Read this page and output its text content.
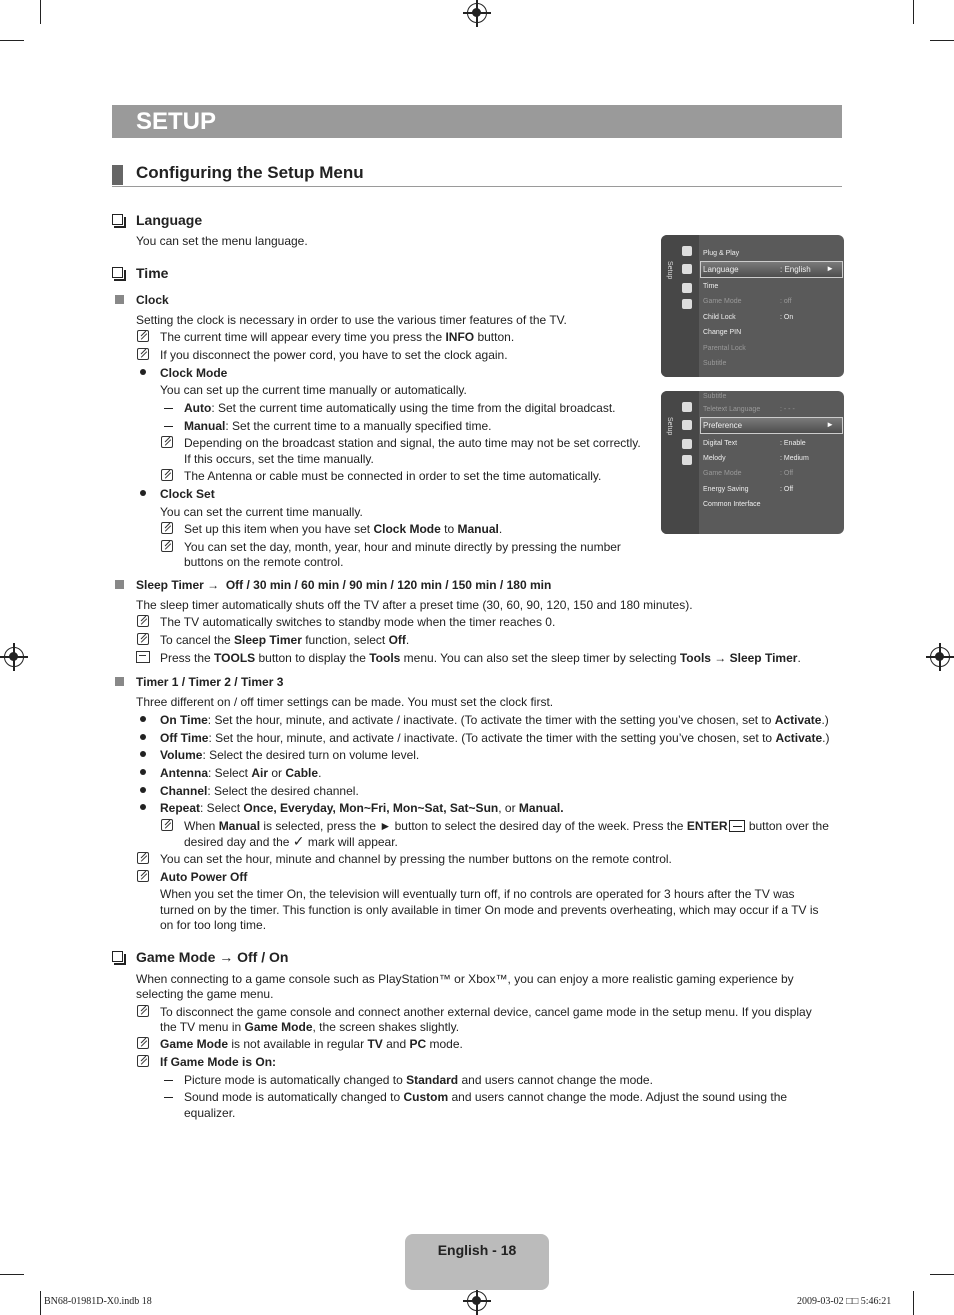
SETUP
Configuring the Setup Menu
Language
You can set the menu language.
Time
Clock
Setting the clock is necessary in order to use the various timer features of the TV.
The current time will appear every time you press the INFO button.
If you disconnect the power cord, you have to set the clock again.
Clock Mode
You can set up the current time manually or automatically.
Auto: Set the current time automatically using the time from the digital broadcast.
Manual: Set the current time to a manually specified time.
Depending on the broadcast station and signal, the auto time may not be set correctly.
If this occurs, set the time manually.
The Antenna or cable must be connected in order to set the time automatically.
Clock Set
You can set the current time manually.
Set up this item when you have set Clock Mode to Manual.
You can set the day, month, year, hour and minute directly by pressing the number
buttons on the remote control.
Sleep Timer → Off / 30 min / 60 min / 90 min / 120 min / 150 min / 180 min
The sleep timer automatically shuts off the TV after a preset time (30, 60, 90, 120, 150 and 180 minutes).
The TV automatically switches to standby mode when the timer reaches 0.
To cancel the Sleep Timer function, select Off.
Press the TOOLS button to display the Tools menu. You can also set the sleep timer by selecting Tools → Sleep Timer.
Timer 1 / Timer 2 / Timer 3
Three different on / off timer settings can be made. You must set the clock first.
On Time: Set the hour, minute, and activate / inactivate. (To activate the timer with the setting you’ve chosen, set to Activate.)
Off Time: Set the hour, minute, and activate / inactivate. (To activate the timer with the setting you’ve chosen, set to Activate.)
Volume: Select the desired turn on volume level.
Antenna: Select Air or Cable.
Channel: Select the desired channel.
Repeat: Select Once, Everyday, Mon~Fri, Mon~Sat, Sat~Sun, or Manual.
When Manual is selected, press the ► button to select the desired day of the week. Press the ENTER button over the
desired day and the ✓ mark will appear.
You can set the hour, minute and channel by pressing the number buttons on the remote control.
Auto Power Off
When you set the timer On, the television will eventually turn off, if no controls are operated for 3 hours after the TV was
turned on by the timer. This function is only available in timer On mode and prevents overheating, which may occur if a TV is
on for too long time.
Game Mode → Off / On
When connecting to a game console such as PlayStation™ or Xbox™, you can enjoy a more realistic gaming experience by
selecting the game menu.
To disconnect the game console and connect another external device, cancel game mode in the setup menu. If you display
the TV menu in Game Mode, the screen shakes slightly.
Game Mode is not available in regular TV and PC mode.
If Game Mode is On:
Picture mode is automatically changed to Standard and users cannot change the mode.
Sound mode is automatically changed to Custom and users cannot change the mode. Adjust the sound using the
equalizer.
Setup
Plug & Play
Language	: English ►
Time
Game Mode	: off
Child Lock	: On
Change PIN
Parental Lock
Subtitle
Setup
Subtitle
Teletext Language	: - - -
Preference	►
Digital Text	: Enable
Melody	: Medium
Game Mode	: Off
Energy Saving	: Off
Common Interface
English - 18
BN68-01981D-X0.indb 18	2009-03-02 □□ 5:46:21
